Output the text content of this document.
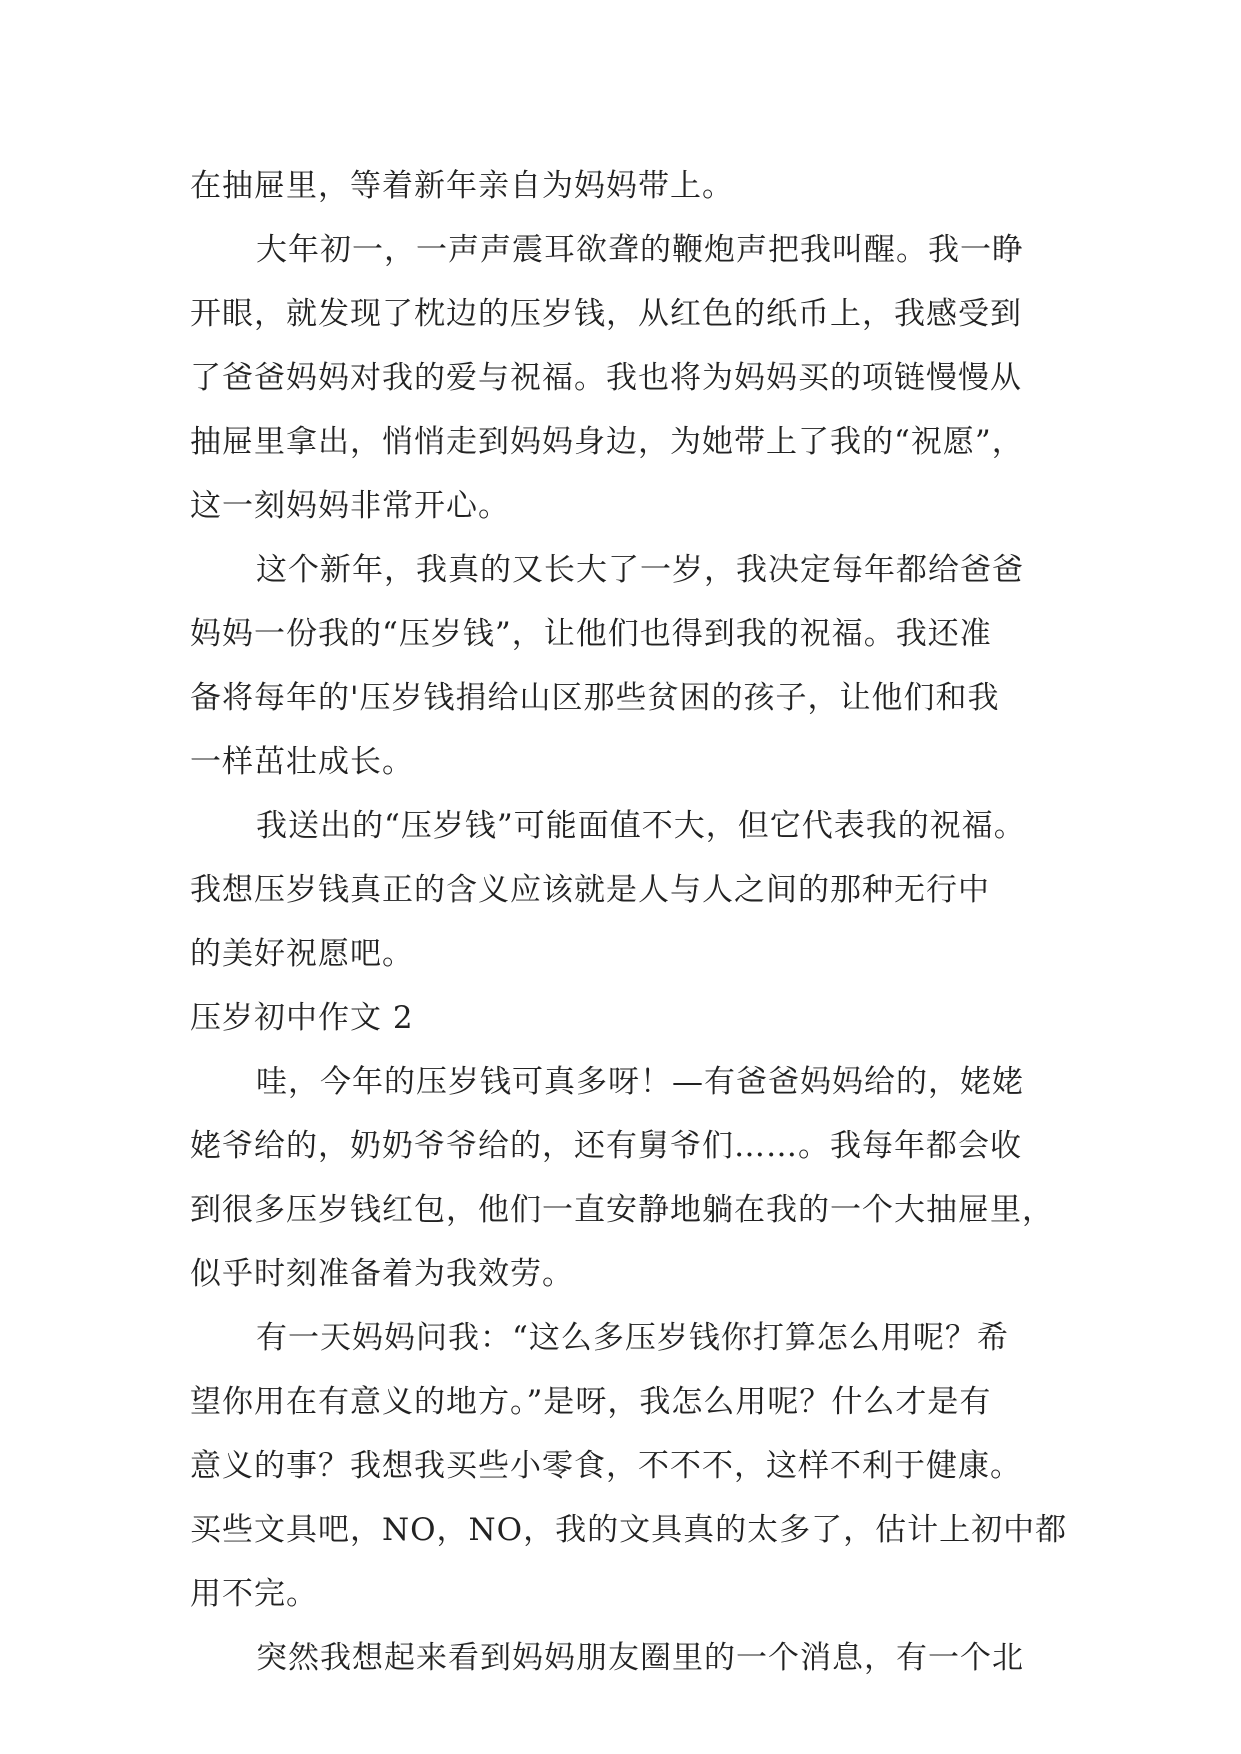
在抽屉里，等着新年亲自为妈妈带上。
大年初一，一声声震耳欲聋的鞭炮声把我叫醒。我一睁
开眼，就发现了枕边的压岁钱，从红色的纸币上，我感受到
了爸爸妈妈对我的爱与祝福。我也将为妈妈买的项链慢慢从
抽屉里拿出，悄悄走到妈妈身边，为她带上了我的“祝愿”，
这一刻妈妈非常开心。
这个新年，我真的又长大了一岁，我决定每年都给爸爸
妈妈一份我的“压岁钱”，让他们也得到我的祝福。我还准
备将每年的'压岁钱捐给山区那些贫困的孩子，让他们和我
一样茁壮成长。
我送出的“压岁钱”可能面值不大，但它代表我的祝福。
我想压岁钱真正的含义应该就是人与人之间的那种无行中
的美好祝愿吧。
压岁初中作文 2
哇，今年的压岁钱可真多呀！—有爸爸妈妈给的，姥姥
姥爷给的，奶奶爷爷给的，还有舅爷们……。我每年都会收
到很多压岁钱红包，他们一直安静地躺在我的一个大抽屉里，
似乎时刻准备着为我效劳。
有一天妈妈问我：“这么多压岁钱你打算怎么用呢？希
望你用在有意义的地方。”是呀，我怎么用呢？什么才是有
意义的事？我想我买些小零食，不不不，这样不利于健康。
买些文具吧，NO，NO，我的文具真的太多了，估计上初中都
用不完。
突然我想起来看到妈妈朋友圈里的一个消息，有一个北
